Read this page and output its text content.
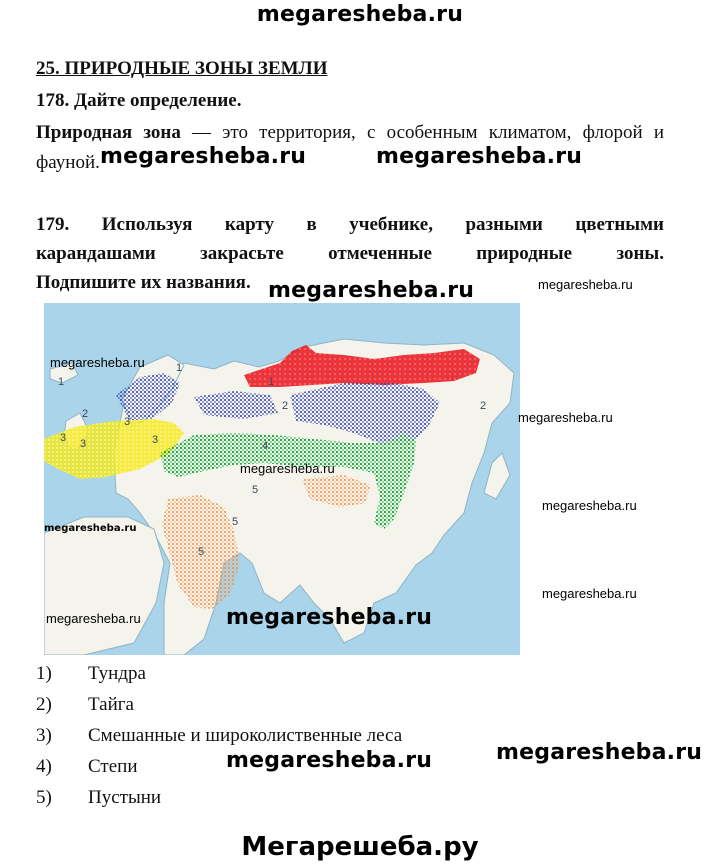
megaresheba.ru
25. ПРИРОДНЫЕ ЗОНЫ ЗЕМЛИ
178. Дайте определение.
Природная зона — это территория, с особенным климатом, флорой и фауной. megaresheba.ru	megaresheba.ru
179. Используя карту в учебнике, разными цветными
карандашами закрасьте отмеченные природные зоны.
Подпишите их названия. megaresheba.ru	megaresheba.ru
1
1
1
2
2
2
3 3
3
3	4
5
5
5
megaresheba.ru
megaresheba.ru
megaresheba.ru
megaresheba.ru	megaresheba.ru
megaresheba.ru
megaresheba.ru
megaresheba.ru
1) Тундра
2) Тайга
3) Смешанные и широколиственные леса
4) Степи
5) Пустыни
megaresheba.ru	megaresheba.ru
Мегарешеба.ру
